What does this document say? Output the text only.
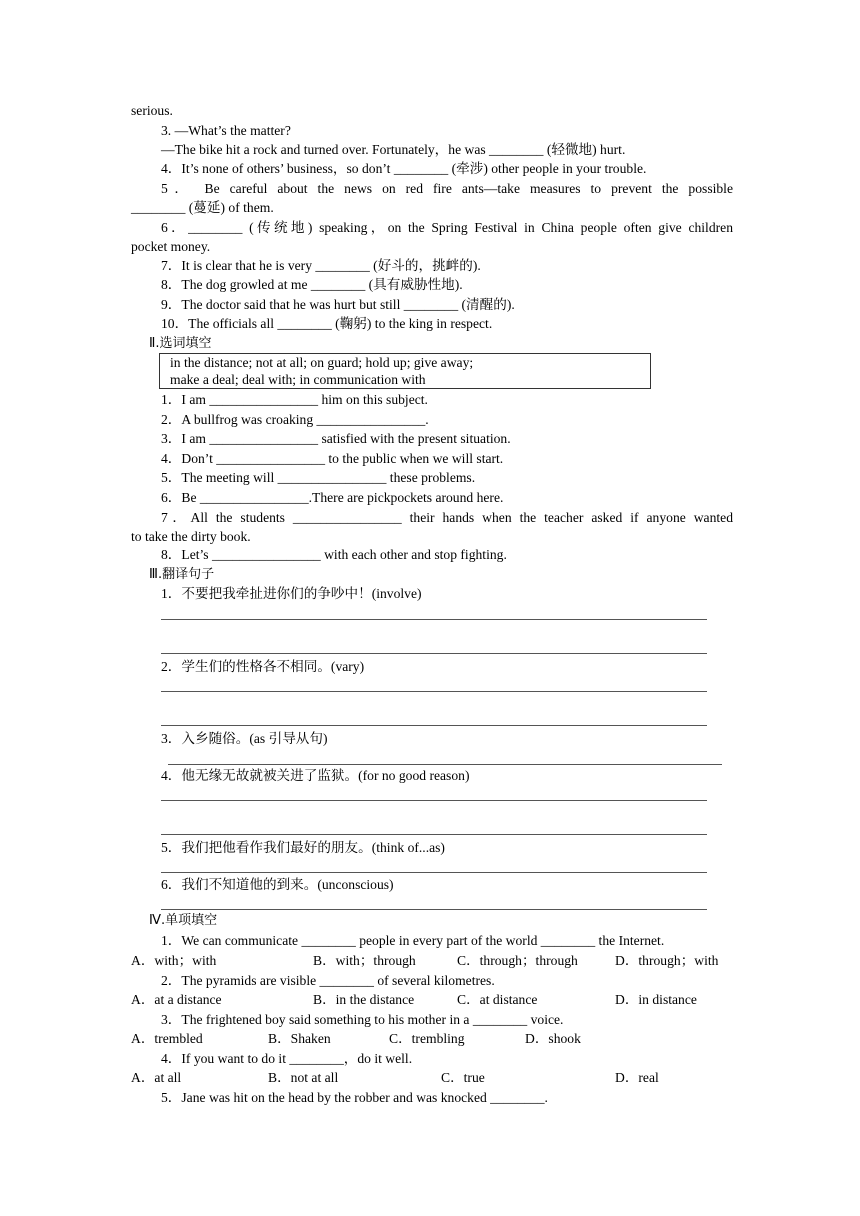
serious.
3. —What’s the matter?
—The bike hit a rock and turned over. Fortunately，he was ________ (轻微地) hurt.
4．It’s none of others’ business，so don’t ________ (牵涉) other people in your trouble.
5． Be careful about the news on red fire ants—take measures to prevent the possible
________ (蔓延) of them.
6．________ (传统地) speaking，on the Spring Festival in China people often give children
pocket money.
7．It is clear that he is very ________ (好斗的，挑衅的).
8．The dog growled at me ________ (具有威胁性地).
9．The doctor said that he was hurt but still ________ (清醒的).
10．The officials all ________ (鞠躬) to the king in respect.
Ⅱ.选词填空
in the distance; not at all; on guard; hold up; give away;
make a deal; deal with; in communication with
1．I am ________________ him on this subject.
2．A bullfrog was croaking ________________.
3．I am ________________ satisfied with the present situation.
4．Don’t ________________ to the public when we will start.
5．The meeting will ________________ these problems.
6．Be ________________.There are pickpockets around here.
7．All the students ________________ their hands when the teacher asked if anyone wanted
to take the dirty book.
8．Let’s ________________ with each other and stop fighting.
Ⅲ.翻译句子
1．不要把我牵扯进你们的争吵中！(involve)
2．学生们的性格各不相同。(vary)
3．入乡随俗。(as 引导从句)
4．他无缘无故就被关进了监狱。(for no good reason)
5．我们把他看作我们最好的朋友。(think of...as)
6．我们不知道他的到来。(unconscious)
Ⅳ.单项填空
1．We can communicate ________ people in every part of the world ________ the Internet.
A．with；with	B．with；through	C．through；through	D．through；with
2．The pyramids are visible ________ of several kilometres.
A．at a distance	B．in the distance	C．at distance	D．in distance
3．The frightened boy said something to his mother in a ________ voice.
A．trembled	B．Shaken	C．trembling	D．shook
4．If you want to do it ________，do it well.
A．at all	B．not at all	C．true	D．real
5．Jane was hit on the head by the robber and was knocked ________.
